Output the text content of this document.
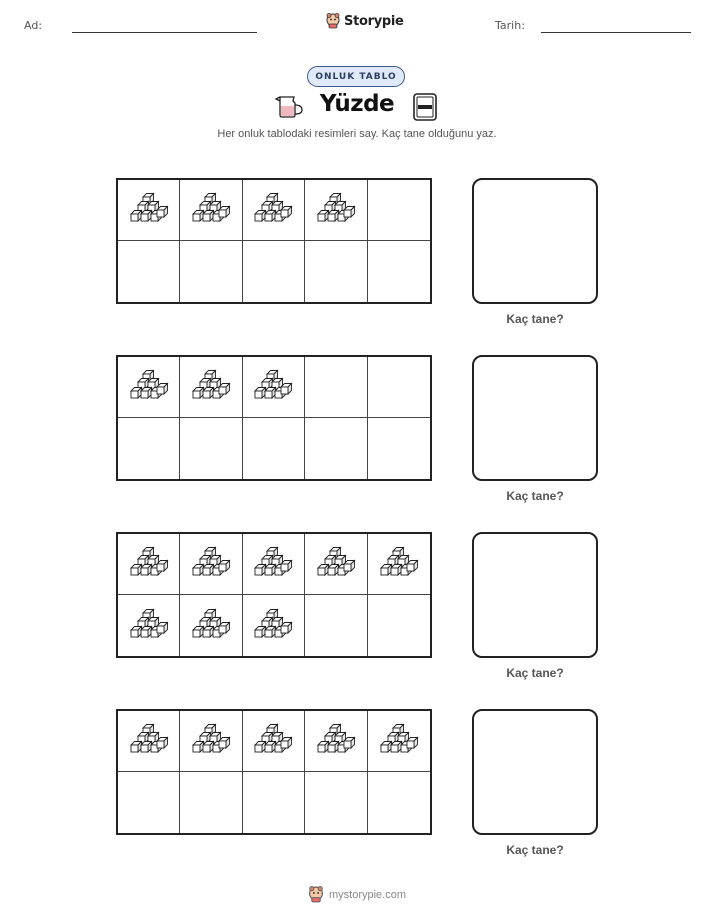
Ad:	Storypie	Tarih:
ONLUK TABLO
Yüzde
Her onluk tablodaki resimleri say. Kaç tane olduğunu yaz.
Kaç tane?
Kaç tane?
Kaç tane?
Kaç tane?
mystorypie.com
